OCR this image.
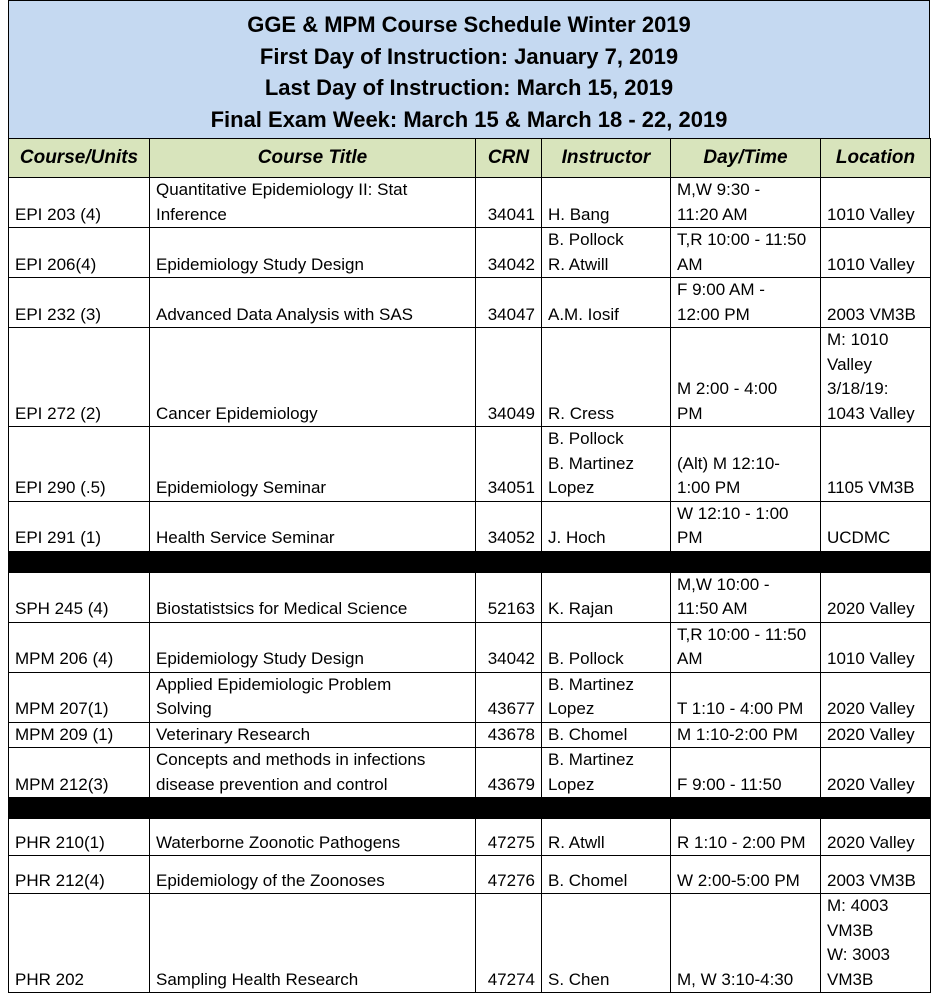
GGE & MPM Course Schedule Winter 2019
First Day of Instruction: January 7, 2019
Last Day of Instruction: March 15, 2019
Final Exam Week: March 15 & March 18 - 22, 2019
Course/Units	Course Title	CRN	Instructor	Day/Time	Location

EPI 203 (4)	Quantitative Epidemiology II: Stat
Inference	34041	H. Bang	M,W 9:30 -
11:20 AM	1010 Valley

EPI 206(4)	Epidemiology Study Design	34042	B. Pollock
R. Atwill	T,R 10:00 - 11:50
AM	1010 Valley

EPI 232 (3)	Advanced Data Analysis with SAS	34047	A.M. Iosif	F 9:00 AM -
12:00 PM	2003 VM3B

EPI 272 (2)	Cancer Epidemiology	34049	R. Cress	M 2:00 - 4:00
PM	M: 1010
Valley
3/18/19:
1043 Valley

EPI 290 (.5)	Epidemiology Seminar	34051	B. Pollock
B. Martinez
Lopez	(Alt) M 12:10-
1:00 PM	1105 VM3B

EPI 291 (1)	Health Service Seminar	34052	J. Hoch	W 12:10 - 1:00
PM	UCDMC

SPH 245 (4)	Biostatistsics for Medical Science	52163	K. Rajan	M,W 10:00 -
11:50 AM	2020 Valley

MPM 206 (4)	Epidemiology Study Design	34042	B. Pollock	T,R 10:00 - 11:50
AM	1010 Valley

MPM 207(1)	Applied Epidemiologic Problem
Solving	43677	B. Martinez
Lopez	T 1:10 - 4:00 PM	2020 Valley

MPM 209 (1)	Veterinary Research	43678	B. Chomel	M 1:10-2:00 PM	2020 Valley

MPM 212(3)	Concepts and methods in infections
disease prevention and control	43679	B. Martinez
Lopez	F 9:00 - 11:50	2020 Valley

PHR 210(1)	Waterborne Zoonotic Pathogens	47275	R. Atwll	R 1:10 - 2:00 PM	2020 Valley

PHR 212(4)	Epidemiology of the Zoonoses	47276	B. Chomel	W 2:00-5:00 PM	2003 VM3B

PHR 202	Sampling Health Research	47274	S. Chen	M, W 3:10-4:30	M: 4003
VM3B
W: 3003
VM3B
